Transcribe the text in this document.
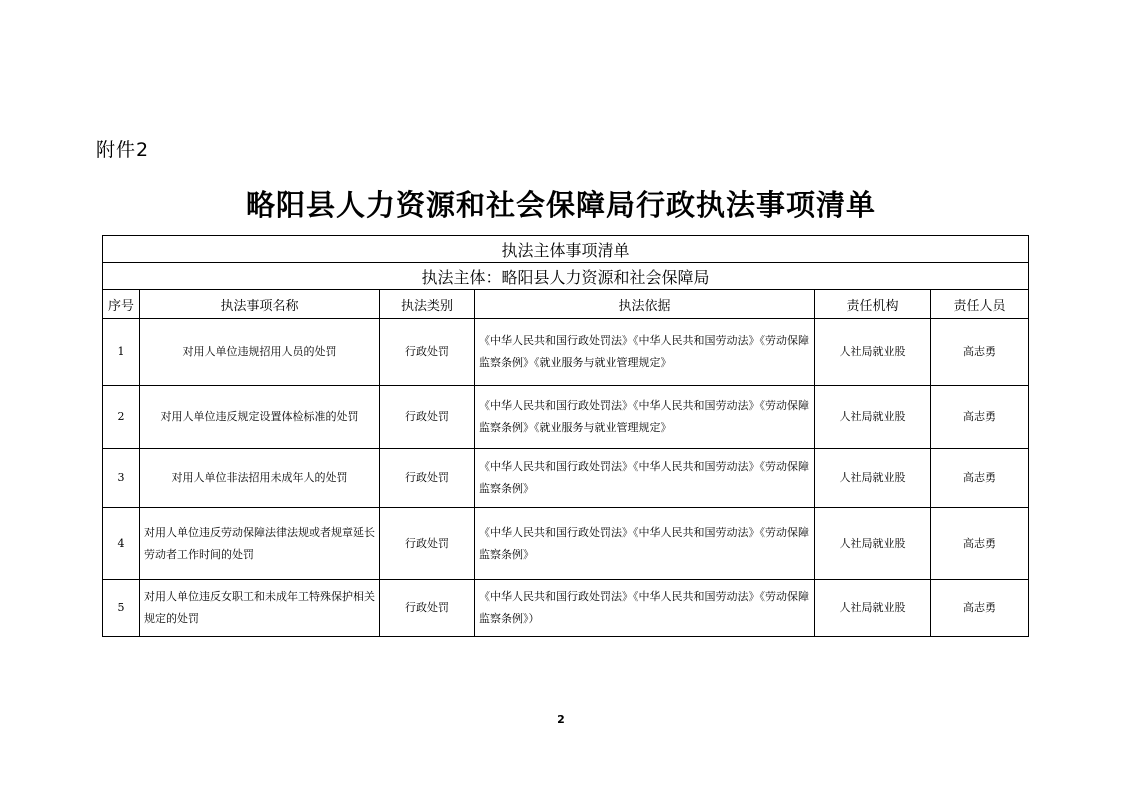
附件2
略阳县人力资源和社会保障局行政执法事项清单
执法主体事项清单					
执法主体：略阳县人力资源和社会保障局					
序号	执法事项名称	执法类别	执法依据	责任机构	责任人员
1	对用人单位违规招用人员的处罚	行政处罚	《中华人民共和国行政处罚法》《中华人民共和国劳动法》《劳动保障监察条例》《就业服务与就业管理规定》	人社局就业股	高志勇
2	对用人单位违反规定设置体检标准的处罚	行政处罚	《中华人民共和国行政处罚法》《中华人民共和国劳动法》《劳动保障监察条例》《就业服务与就业管理规定》	人社局就业股	高志勇
3	对用人单位非法招用未成年人的处罚	行政处罚	《中华人民共和国行政处罚法》《中华人民共和国劳动法》《劳动保障监察条例》	人社局就业股	高志勇
4	对用人单位违反劳动保障法律法规或者规章延长劳动者工作时间的处罚	行政处罚	《中华人民共和国行政处罚法》《中华人民共和国劳动法》《劳动保障监察条例》	人社局就业股	高志勇
5	对用人单位违反女职工和未成年工特殊保护相关规定的处罚	行政处罚	《中华人民共和国行政处罚法》《中华人民共和国劳动法》《劳动保障监察条例》）	人社局就业股	高志勇
2
